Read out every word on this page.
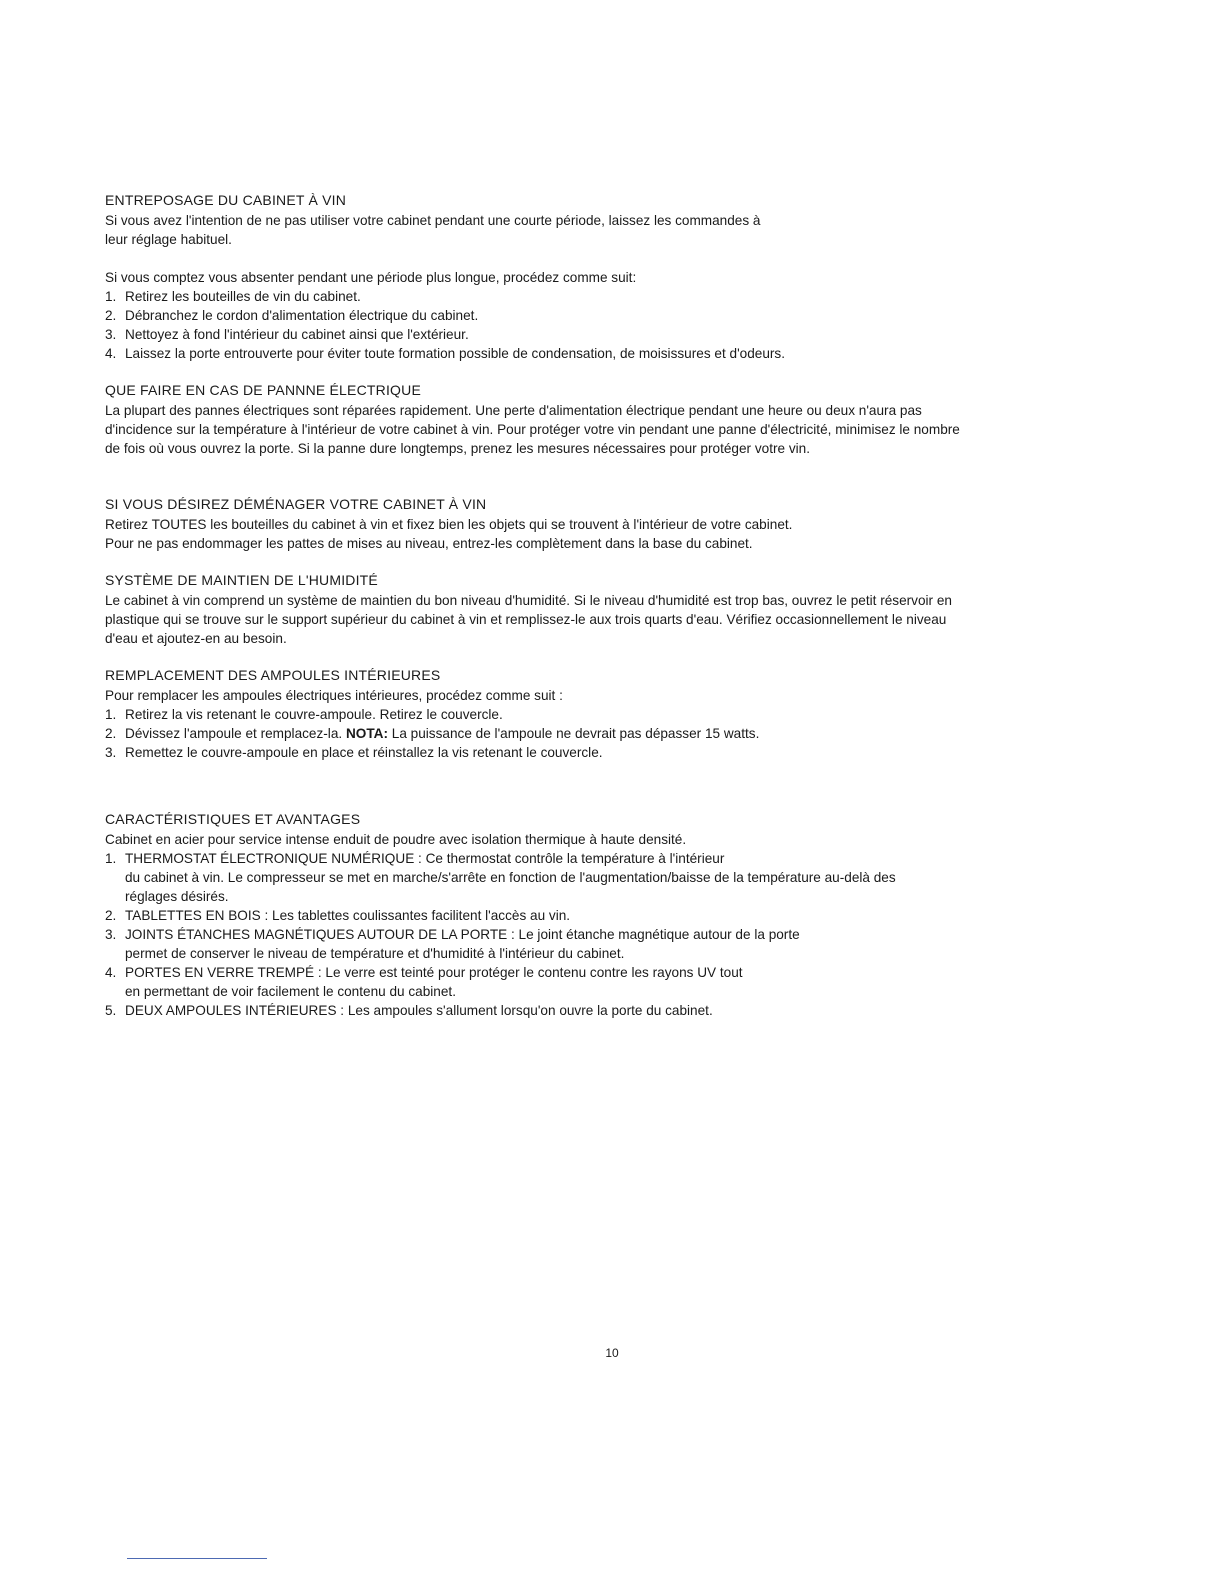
ENTREPOSAGE DU CABINET À VIN

Si vous avez l'intention de ne pas utiliser votre cabinet pendant une courte période, laissez les commandes à leur réglage habituel.

Si vous comptez vous absenter pendant une période plus longue, procédez comme suit:

1. Retirez les bouteilles de vin du cabinet.
2. Débranchez le cordon d'alimentation électrique du cabinet.
3. Nettoyez à fond l'intérieur du cabinet ainsi que l'extérieur.
4. Laissez la porte entrouverte pour éviter toute formation possible de condensation, de moisissures et d'odeurs.
QUE FAIRE EN CAS DE PANNNE ÉLECTRIQUE

La plupart des pannes électriques sont réparées rapidement. Une perte d'alimentation électrique pendant une heure ou deux n'aura pas d'incidence sur la température à l'intérieur de votre cabinet à vin. Pour protéger votre vin pendant une panne d'électricité, minimisez le nombre de fois où vous ouvrez la porte. Si la panne dure longtemps, prenez les mesures nécessaires pour protéger votre vin.

SI VOUS DÉSIREZ DÉMÉNAGER VOTRE CABINET À VIN
Retirez TOUTES les bouteilles du cabinet à vin et fixez bien les objets qui se trouvent à l'intérieur de votre cabinet.
Pour ne pas endommager les pattes de mises au niveau, entrez-les complètement dans la base du cabinet.
SYSTÈME DE MAINTIEN DE L'HUMIDITÉ

Le cabinet à vin comprend un système de maintien du bon niveau d'humidité. Si le niveau d'humidité est trop bas, ouvrez le petit réservoir en plastique qui se trouve sur le support supérieur du cabinet à vin et remplissez-le aux trois quarts d'eau. Vérifiez occasionnellement le niveau d'eau et ajoutez-en au besoin.

REMPLACEMENT DES AMPOULES INTÉRIEURES
Pour remplacer les ampoules électriques intérieures, procédez comme suit :
1. Retirez la vis retenant le couvre-ampoule. Retirez le couvercle.
2. Dévissez l'ampoule et remplacez-la. NOTA: La puissance de l'ampoule ne devrait pas dépasser 15 watts.
3. Remettez le couvre-ampoule en place et réinstallez la vis retenant le couvercle.
CARACTÉRISTIQUES ET AVANTAGES
Cabinet en acier pour service intense enduit de poudre avec isolation thermique à haute densité.
1. THERMOSTAT ÉLECTRONIQUE NUMÉRIQUE : Ce thermostat contrôle la température à l'intérieur
du cabinet à vin. Le compresseur se met en marche/s'arrête en fonction de l'augmentation/baisse de la température au-delà des réglages désirés.
2. TABLETTES EN BOIS : Les tablettes coulissantes facilitent l'accès au vin.
3. JOINTS ÉTANCHES MAGNÉTIQUES AUTOUR DE LA PORTE : Le joint étanche magnétique autour de la porte
permet de conserver le niveau de température et d'humidité à l'intérieur du cabinet.
4. PORTES EN VERRE TREMPÉ : Le verre est teinté pour protéger le contenu contre les rayons UV tout
en permettant de voir facilement le contenu du cabinet.
5. DEUX AMPOULES INTÉRIEURES : Les ampoules s'allument lorsqu'on ouvre la porte du cabinet.
10
